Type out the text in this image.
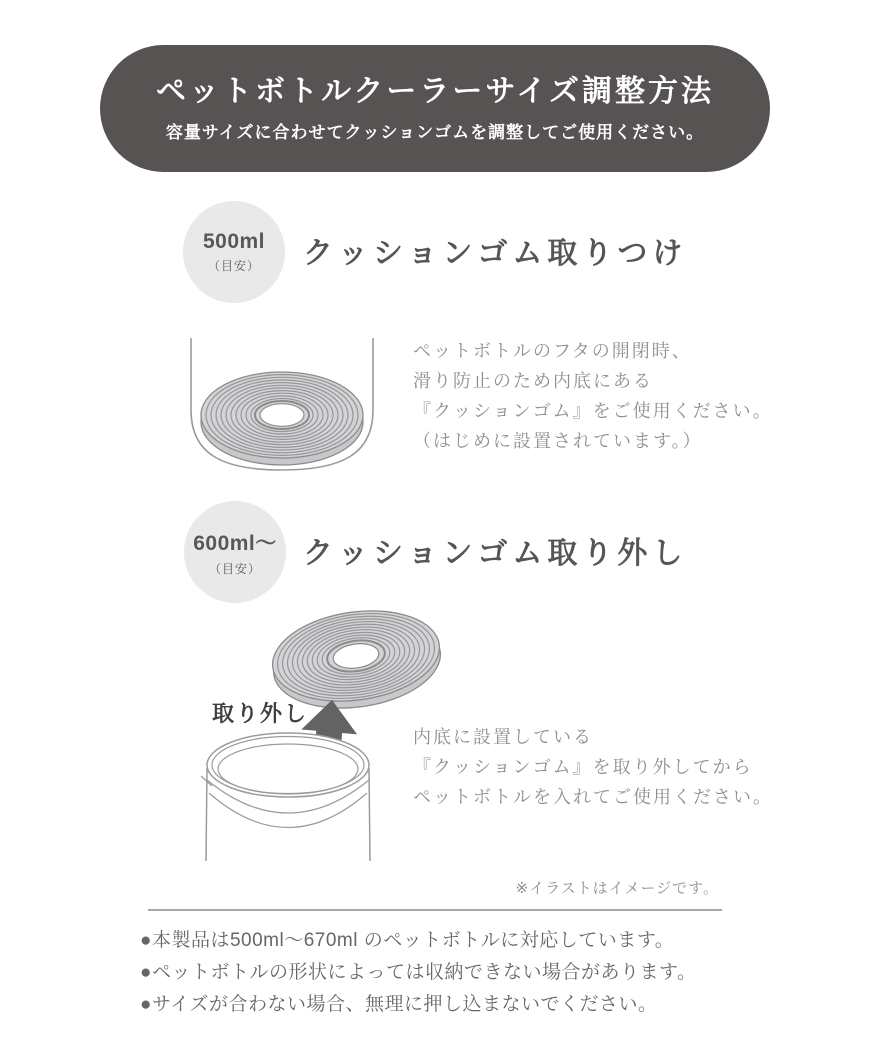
ペットボトルクーラーサイズ調整方法
容量サイズに合わせてクッションゴムを調整してご使用ください。
500ml
（目安） クッションゴム取りつけ

ペットボトルのフタの開閉時、

滑り防止のため内底にある

『クッションゴム』をご使用ください。

（はじめに設置されています。）

600ml〜
（目安） クッションゴム取り外し
取り外し

内底に設置している

『クッションゴム』を取り外してから

ペットボトルを入れてご使用ください。

※イラストはイメージです。

●本製品は500ml〜670ml のペットボトルに対応しています。

●ペットボトルの形状によっては収納できない場合があります。

●サイズが合わない場合、無理に押し込まないでください。
